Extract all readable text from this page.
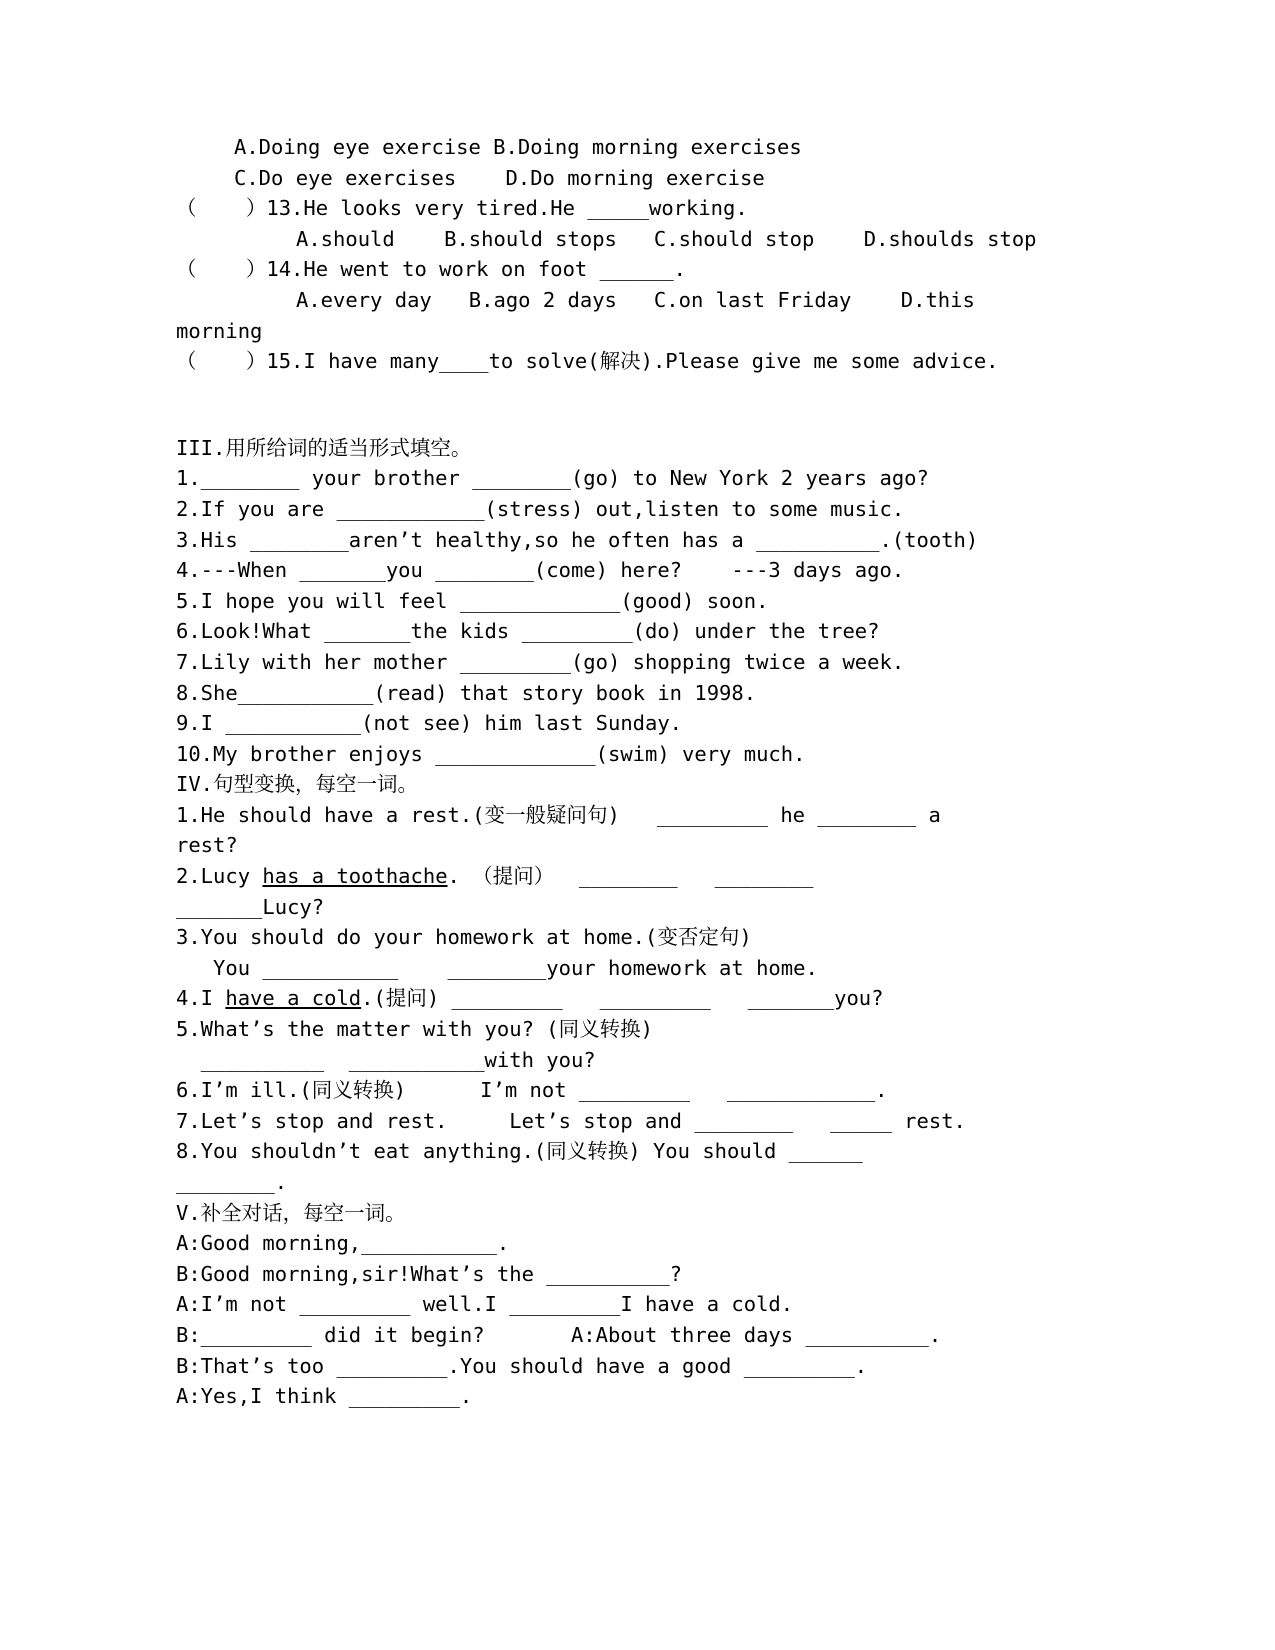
A.Doing eye exercise B.Doing morning exercises
C.Do eye exercises    D.Do morning exercise
（    ）13.He looks very tired.He _____working.
A.should    B.should stops   C.should stop    D.shoulds stop
（    ）14.He went to work on foot ______.
A.every day   B.ago 2 days   C.on last Friday    D.this
morning
（    ）15.I have many____to solve(解决).Please give me some advice.
III.用所给词的适当形式填空。
1.________ your brother ________(go) to New York 2 years ago?
2.If you are ____________(stress) out,listen to some music.
3.His ________aren’t healthy,so he often has a __________.(tooth)
4.---When _______you ________(come) here?    ---3 days ago.
5.I hope you will feel _____________(good) soon.
6.Look!What _______the kids _________(do) under the tree?
7.Lily with her mother _________(go) shopping twice a week.
8.She___________(read) that story book in 1998.
9.I ___________(not see) him last Sunday.
10.My brother enjoys _____________(swim) very much.
IV.句型变换，每空一词。
1.He should have a rest.(变一般疑问句)   _________ he ________ a
rest?
2.Lucy has a toothache. （提问）  ________   ________
_______Lucy?
3.You should do your homework at home.(变否定句)
You ___________    ________your homework at home.
4.I have a cold.(提问) _________   _________   _______you?
5.What’s the matter with you? (同义转换)
__________  ___________with you?
6.I’m ill.(同义转换)      I’m not _________   ____________.
7.Let’s stop and rest.     Let’s stop and ________   _____ rest.
8.You shouldn’t eat anything.(同义转换) You should ______
________.
V.补全对话，每空一词。
A:Good morning,___________.
B:Good morning,sir!What’s the __________?
A:I’m not _________ well.I _________I have a cold.
B:_________ did it begin?       A:About three days __________.
B:That’s too _________.You should have a good _________.
A:Yes,I think _________.
